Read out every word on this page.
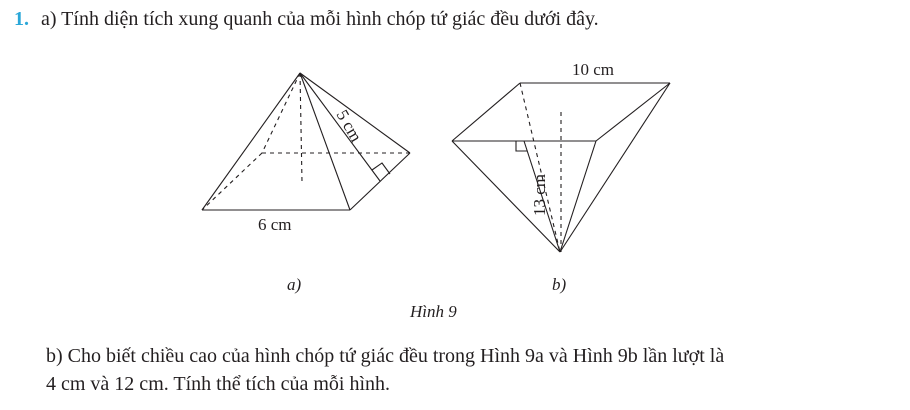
1. a) Tính diện tích xung quanh của mỗi hình chóp tứ giác đều dưới đây.
5 cm
6 cm
a)
10 cm
13 cm
b)
Hình 9
b) Cho biết chiều cao của hình chóp tứ giác đều trong Hình 9a và Hình 9b lần lượt là
4 cm và 12 cm. Tính thể tích của mỗi hình.
